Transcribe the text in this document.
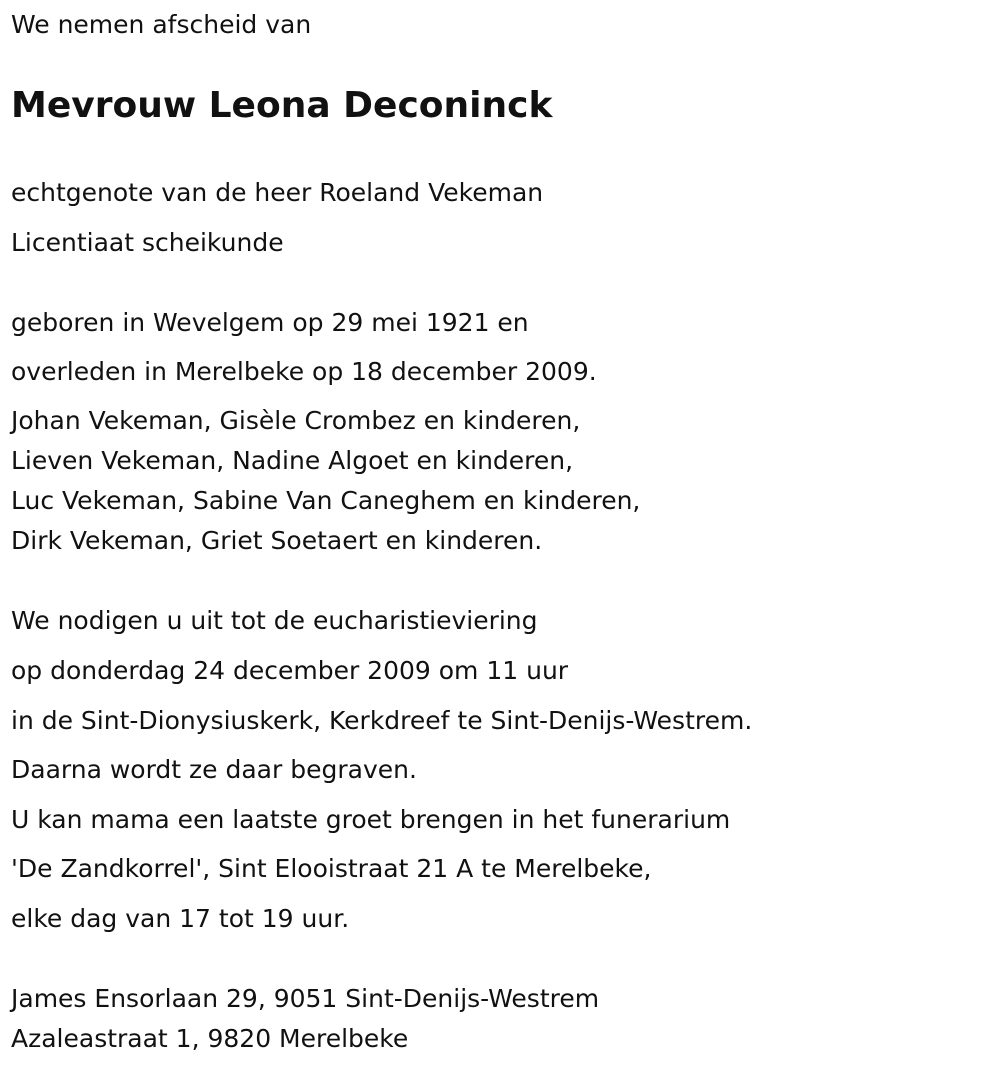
We nemen afscheid van
Mevrouw Leona Deconinck
echtgenote van de heer Roeland Vekeman
Licentiaat scheikunde
geboren in Wevelgem op 29 mei 1921 en
overleden in Merelbeke op 18 december 2009.
Johan Vekeman, Gisèle Crombez en kinderen,
Lieven Vekeman, Nadine Algoet en kinderen,
Luc Vekeman, Sabine Van Caneghem en kinderen,
Dirk Vekeman, Griet Soetaert en kinderen.
We nodigen u uit tot de eucharistieviering
op donderdag 24 december 2009 om 11 uur
in de Sint-Dionysiuskerk, Kerkdreef te Sint-Denijs-Westrem.
Daarna wordt ze daar begraven.
U kan mama een laatste groet brengen in het funerarium
'De Zandkorrel', Sint Elooistraat 21 A te Merelbeke,
elke dag van 17 tot 19 uur.
James Ensorlaan 29, 9051 Sint-Denijs-Westrem
Azaleastraat 1, 9820 Merelbeke
